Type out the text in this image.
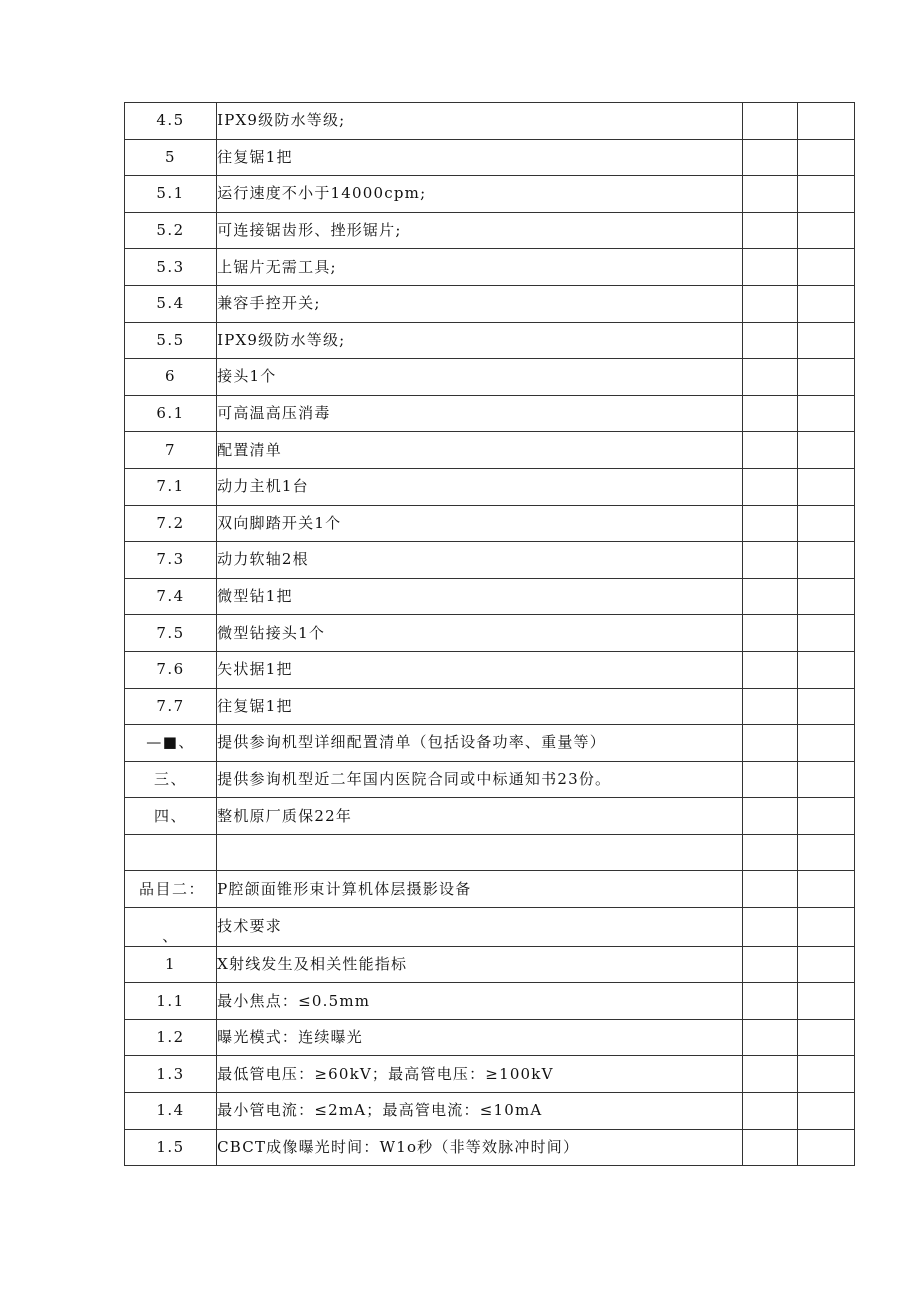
4.5	IPX9级防水等级;		
5	往复锯1把		
5.1	运行速度不小于14000cpm;		
5.2	可连接锯齿形、挫形锯片;		
5.3	上锯片无需工具;		
5.4	兼容手控开关;		
5.5	IPX9级防水等级;		
6	接头1个		
6.1	可高温高压消毒		
7	配置清单		
7.1	动力主机1台		
7.2	双向脚踏开关1个		
7.3	动力软轴2根		
7.4	微型钻1把		
7.5	微型钻接头1个		
7.6	矢状据1把		
7.7	往复锯1把		
—■、	提供参询机型详细配置清单（包括设备功率、重量等）		
三、	提供参询机型近二年国内医院合同或中标通知书23份。		
四、	整机原厂质保22年		

品目二：	P腔颌面锥形束计算机体层摄影设备		
、	技术要求		
1	X射线发生及相关性能指标		
1.1	最小焦点：≤0.5mm		
1.2	曝光模式：连续曝光		
1.3	最低管电压：≥60kV；最高管电压：≥100kV		
1.4	最小管电流：≤2mA；最高管电流：≤10mA		
1.5	CBCT成像曝光时间：W1o秒（非等效脉冲时间）		
